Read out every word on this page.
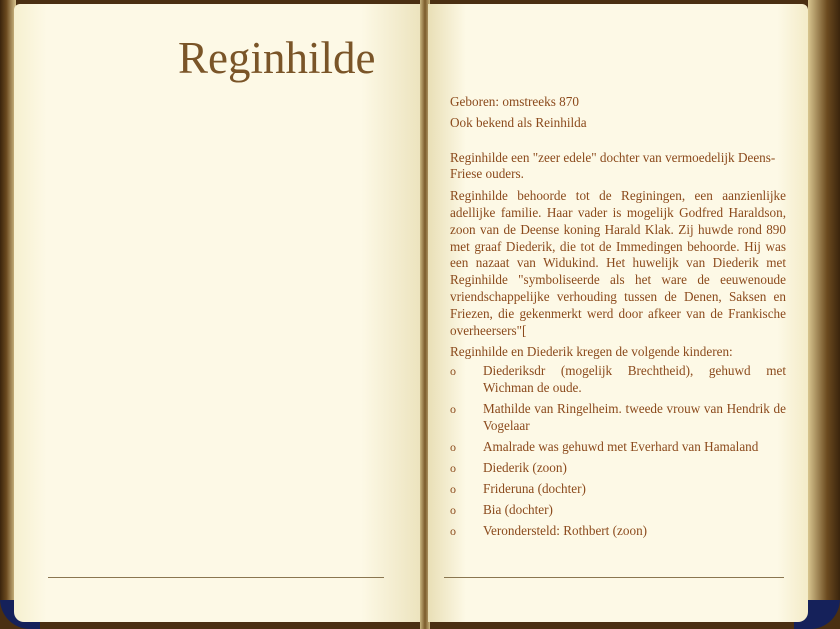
Reginhilde

Geboren: omstreeks 870

Ook bekend als Reinhilda

Reginhilde een "zeer edele" dochter van vermoedelijk Deens-Friese ouders.

Reginhilde behoorde tot de Reginingen, een aanzienlijke adellijke familie. Haar vader is mogelijk Godfred Haraldson, zoon van de Deense koning Harald Klak. Zij huwde rond 890 met graaf Diederik, die tot de Immedingen behoorde. Hij was een nazaat van Widukind. Het huwelijk van Diederik met Reginhilde "symboliseerde als het ware de eeuwenoude vriendschappelijke verhouding tussen de Denen, Saksen en Friezen, die gekenmerkt werd door afkeer van de Frankische overheersers"[

Reginhilde en Diederik kregen de volgende kinderen:

o Diederiksdr (mogelijk Brechtheid), gehuwd met Wichman de oude.
o Mathilde van Ringelheim. tweede vrouw van Hendrik de Vogelaar
o Amalrade was gehuwd met Everhard van Hamaland
o Diederik (zoon)
o Frideruna (dochter)
o Bia (dochter)
o Verondersteld: Rothbert (zoon)
